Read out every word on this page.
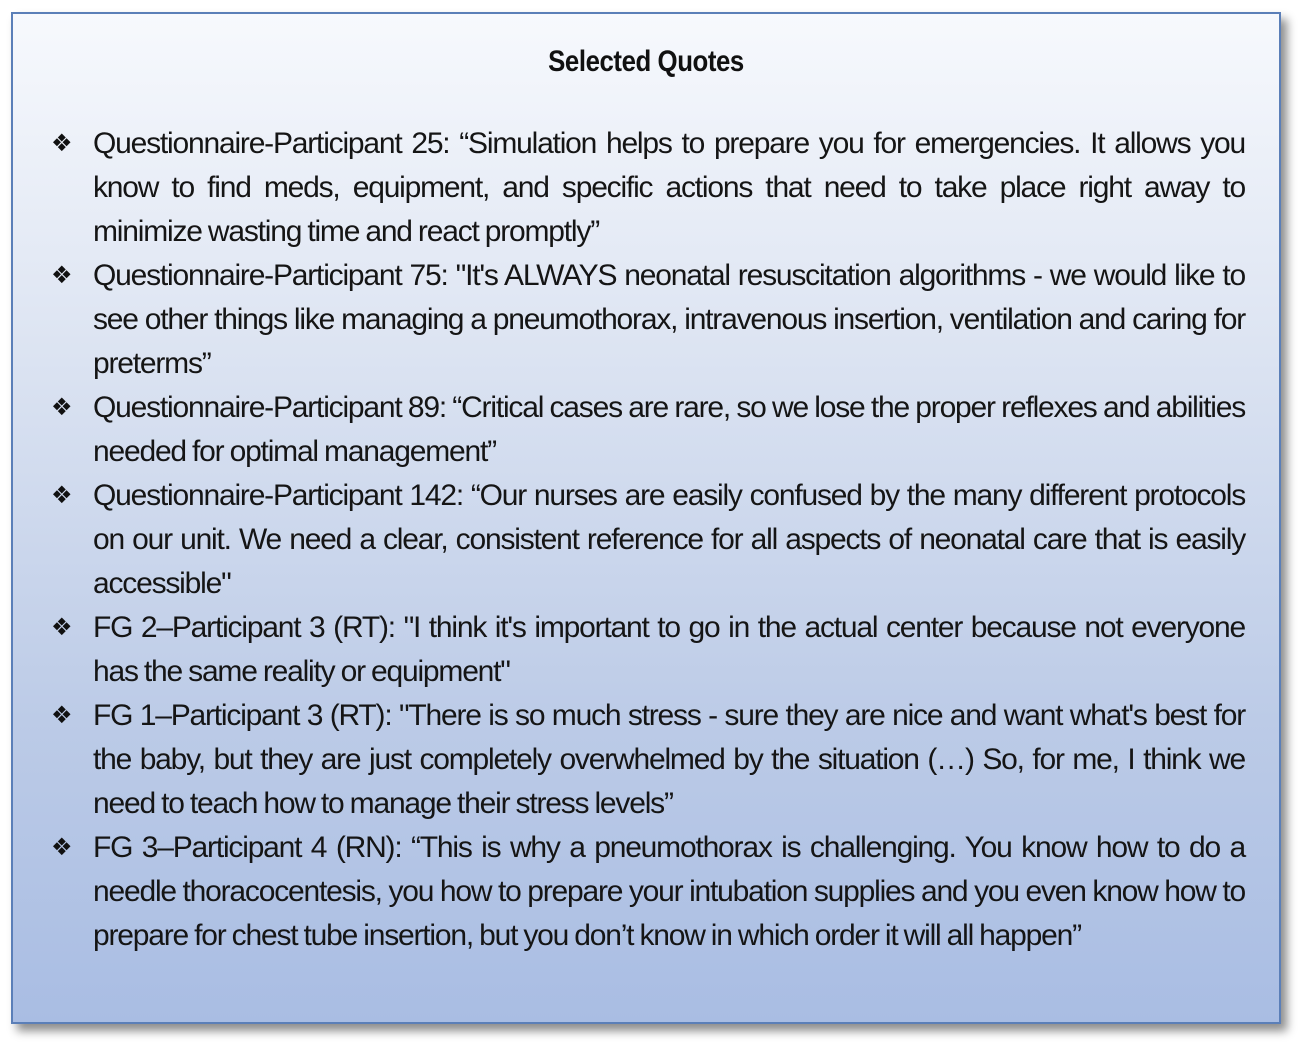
Selected Quotes
❖ Questionnaire-Participant 25: “Simulation helps to prepare you for emergencies. It allows you know to find meds, equipment, and specific actions that need to take place right away to minimize wasting time and react promptly”
❖ Questionnaire-Participant 75: "It's ALWAYS neonatal resuscitation algorithms - we would like to see other things like managing a pneumothorax, intravenous insertion, ventilation and caring for preterms”
❖ Questionnaire-Participant 89: “Critical cases are rare, so we lose the proper reflexes and abilities needed for optimal management”
❖ Questionnaire-Participant 142: “Our nurses are easily confused by the many different protocols on our unit. We need a clear, consistent reference for all aspects of neonatal care that is easily accessible"
❖ FG 2–Participant 3 (RT): "I think it's important to go in the actual center because not everyone has the same reality or equipment"
❖ FG 1–Participant 3 (RT): "There is so much stress - sure they are nice and want what's best for the baby, but they are just completely overwhelmed by the situation (…) So, for me, I think we need to teach how to manage their stress levels”
❖ FG 3–Participant 4 (RN): “This is why a pneumothorax is challenging. You know how to do a needle thoracocentesis, you how to prepare your intubation supplies and you even know how to prepare for chest tube insertion, but you don’t know in which order it will all happen”
